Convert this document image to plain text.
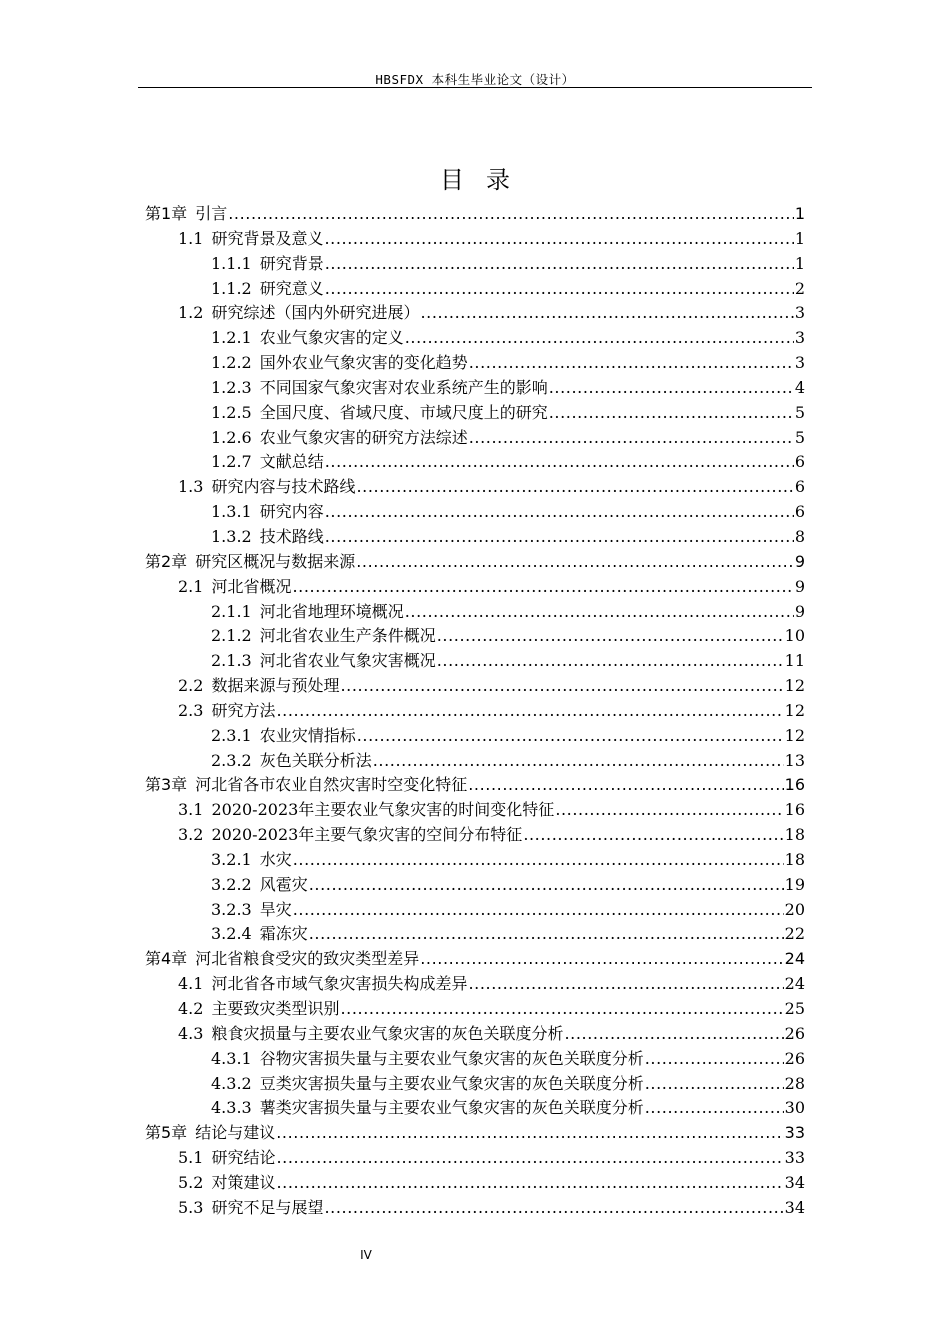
HBSFDX 本科生毕业论文（设计）
目录
第1章 引言 .....	1
1.1 研究背景及意义 .....	1
1.1.1 研究背景 .....	1
1.1.2 研究意义 .....	2
1.2 研究综述（国内外研究进展） .....	3
1.2.1 农业气象灾害的定义 .....	3
1.2.2 国外农业气象灾害的变化趋势 .....	3
1.2.3 不同国家气象灾害对农业系统产生的影响 .....	4
1.2.5 全国尺度、省域尺度、市域尺度上的研究 .....	5
1.2.6 农业气象灾害的研究方法综述 .....	5
1.2.7 文献总结 .....	6
1.3 研究内容与技术路线 .....	6
1.3.1 研究内容 .....	6
1.3.2 技术路线 .....	8
第2章 研究区概况与数据来源 .....	9
2.1 河北省概况 .....	9
2.1.1 河北省地理环境概况 .....	9
2.1.2 河北省农业生产条件概况 .....	10
2.1.3 河北省农业气象灾害概况 .....	11
2.2 数据来源与预处理 .....	12
2.3 研究方法 .....	12
2.3.1 农业灾情指标 .....	12
2.3.2 灰色关联分析法 .....	13
第3章 河北省各市农业自然灾害时空变化特征 .....	16
3.1 2020-2023年主要农业气象灾害的时间变化特征 .....	16
3.2 2020-2023年主要气象灾害的空间分布特征 .....	18
3.2.1 水灾 .....	18
3.2.2 风雹灾 .....	19
3.2.3 旱灾 .....	20
3.2.4 霜冻灾 .....	22
第4章 河北省粮食受灾的致灾类型差异 .....	24
4.1 河北省各市域气象灾害损失构成差异 .....	24
4.2 主要致灾类型识别 .....	25
4.3 粮食灾损量与主要农业气象灾害的灰色关联度分析 .....	26
4.3.1 谷物灾害损失量与主要农业气象灾害的灰色关联度分析 .....	26
4.3.2 豆类灾害损失量与主要农业气象灾害的灰色关联度分析 .....	28
4.3.3 薯类灾害损失量与主要农业气象灾害的灰色关联度分析 .....	30
第5章 结论与建议 .....	33
5.1 研究结论 .....	33
5.2 对策建议 .....	34
5.3 研究不足与展望 .....	34
IV
